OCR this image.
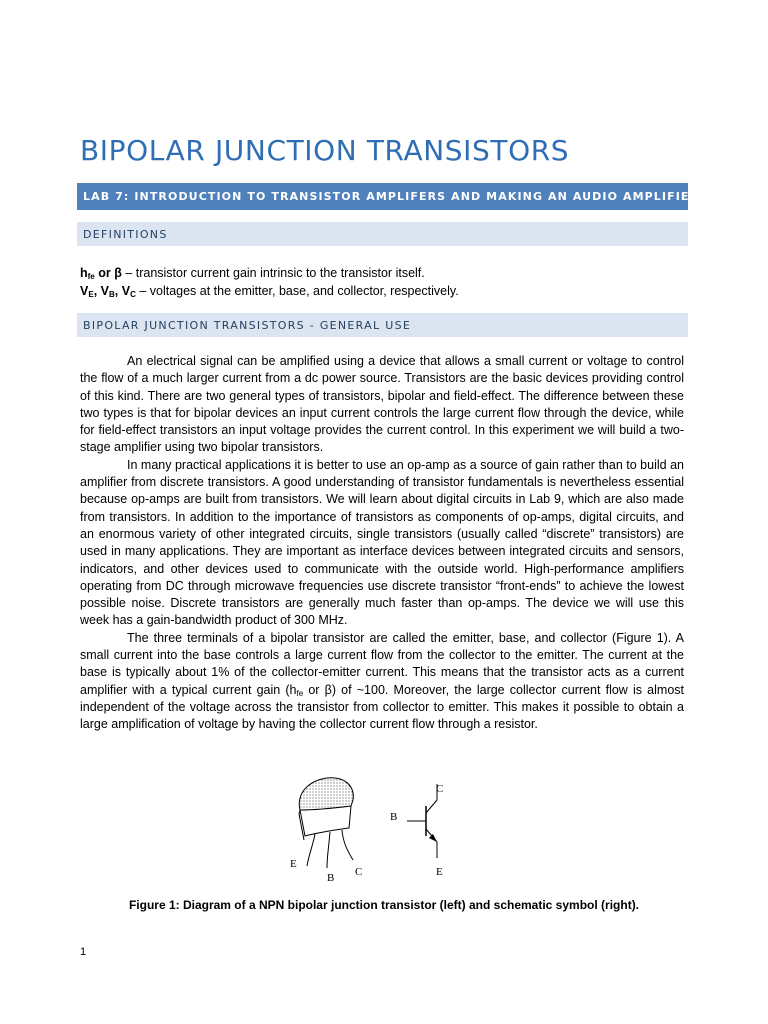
BIPOLAR JUNCTION TRANSISTORS
LAB 7: INTRODUCTION TO TRANSISTOR AMPLIFERS AND MAKING AN AUDIO AMPLIFIER
DEFINITIONS

$h_{fe}$ or β – transistor current gain intrinsic to the transistor itself.

$V_E$, $V_B$, $V_C$ – voltages at the emitter, base, and collector, respectively.

BIPOLAR JUNCTION TRANSISTORS - GENERAL USE

An electrical signal can be amplified using a device that allows a small current or voltage to control the flow of a much larger current from a dc power source. Transistors are the basic devices providing control of this kind. There are two general types of transistors, bipolar and field-effect. The difference between these two types is that for bipolar devices an input current controls the large current flow through the device, while for field-effect transistors an input voltage provides the current control. In this experiment we will build a two-stage amplifier using two bipolar transistors.

In many practical applications it is better to use an op-amp as a source of gain rather than to build an amplifier from discrete transistors. A good understanding of transistor fundamentals is nevertheless essential because op-amps are built from transistors. We will learn about digital circuits in Lab 9, which are also made from transistors. In addition to the importance of transistors as components of op-amps, digital circuits, and an enormous variety of other integrated circuits, single transistors (usually called “discrete” transistors) are used in many applications. They are important as interface devices between integrated circuits and sensors, indicators, and other devices used to communicate with the outside world. High-performance amplifiers operating from DC through microwave frequencies use discrete transistor “front-ends” to achieve the lowest possible noise. Discrete transistors are generally much faster than op-amps. The device we will use this week has a gain-bandwidth product of 300 MHz.

The three terminals of a bipolar transistor are called the emitter, base, and collector (Figure 1). A small current into the base controls a large current flow from the collector to the emitter. The current at the base is typically about 1% of the collector-emitter current. This means that the transistor acts as a current amplifier with a typical current gain ($h_{fe}$ or β) of ~100. Moreover, the large collector current flow is almost independent of the voltage across the transistor from collector to emitter. This makes it possible to obtain a large amplification of voltage by having the collector current flow through a resistor.

E
B C
C
B
E

Figure 1: Diagram of a NPN bipolar junction transistor (left) and schematic symbol (right).

1
